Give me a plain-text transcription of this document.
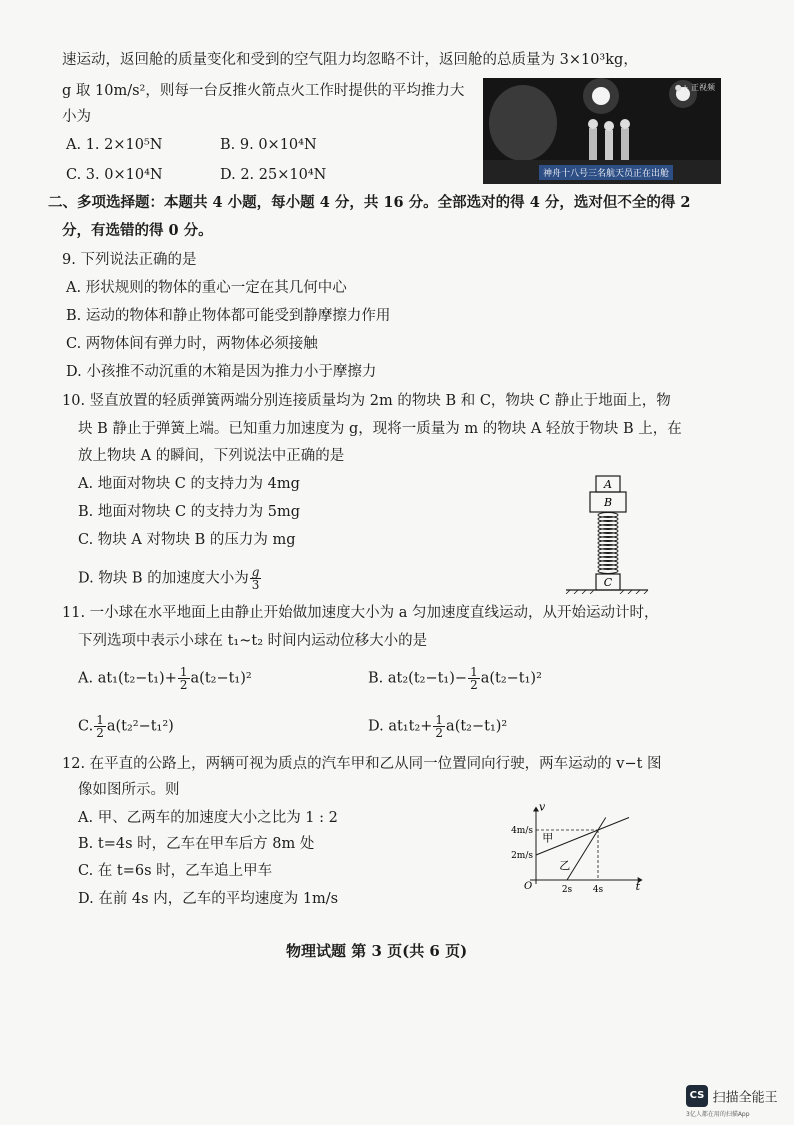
速运动，返回舱的质量变化和受到的空气阻力均忽略不计，返回舱的总质量为 3×10³kg，
g 取 10m/s²，则每一台反推火箭点火工作时提供的平均推力大
小为
A. 1. 2×10⁵N	B. 9. 0×10⁴N
C. 3. 0×10⁴N	D. 2. 25×10⁴N
●+ 正视频
神舟十八号三名航天员正在出舱
二、多项选择题：本题共 4 小题，每小题 4 分，共 16 分。全部选对的得 4 分，选对但不全的得 2
分，有选错的得 0 分。
9. 下列说法正确的是
A. 形状规则的物体的重心一定在其几何中心
B. 运动的物体和静止物体都可能受到静摩擦力作用
C. 两物体间有弹力时，两物体必须接触
D. 小孩推不动沉重的木箱是因为推力小于摩擦力
10. 竖直放置的轻质弹簧两端分别连接质量均为 2m 的物块 B 和 C，物块 C 静止于地面上，物
块 B 静止于弹簧上端。已知重力加速度为 g，现将一质量为 m 的物块 A 轻放于物块 B 上，在
放上物块 A 的瞬间，下列说法中正确的是
A. 地面对物块 C 的支持力为 4mg
B. 地面对物块 C 的支持力为 5mg
C. 物块 A 对物块 B 的压力为 mg
D. 物块 B 的加速度大小为 $\frac{g}{3}$
A
B
C
11. 一小球在水平地面上由静止开始做加速度大小为 a 匀加速度直线运动，从开始运动计时，
下列选项中表示小球在 t₁~t₂ 时间内运动位移大小的是
A. $at_1(t_2-t_1)+ \frac{1}{2} a(t_2-t_1)^2$	B. $at_2(t_2-t_1)- \frac{1}{2} a(t_2-t_1)^2$
C. $\frac{1}{2} a(t_2^2-t_1^2)$	D. $at_1t_2+ \frac{1}{2} a(t_2-t_1)^2$
12. 在平直的公路上，两辆可视为质点的汽车甲和乙从同一位置同向行驶，两车运动的 v−t 图
像如图所示。则
A. 甲、乙两车的加速度大小之比为 1 : 2
B. t=4s 时，乙车在甲车后方 8m 处
C. 在 t=6s 时，乙车追上甲车
D. 在前 4s 内，乙车的平均速度为 1m/s
t
v
O	2s 4s
2m/s
4m/s
甲
乙
物理试题 第 3 页(共 6 页)
CS 扫描全能王
3亿人都在用的扫描App
